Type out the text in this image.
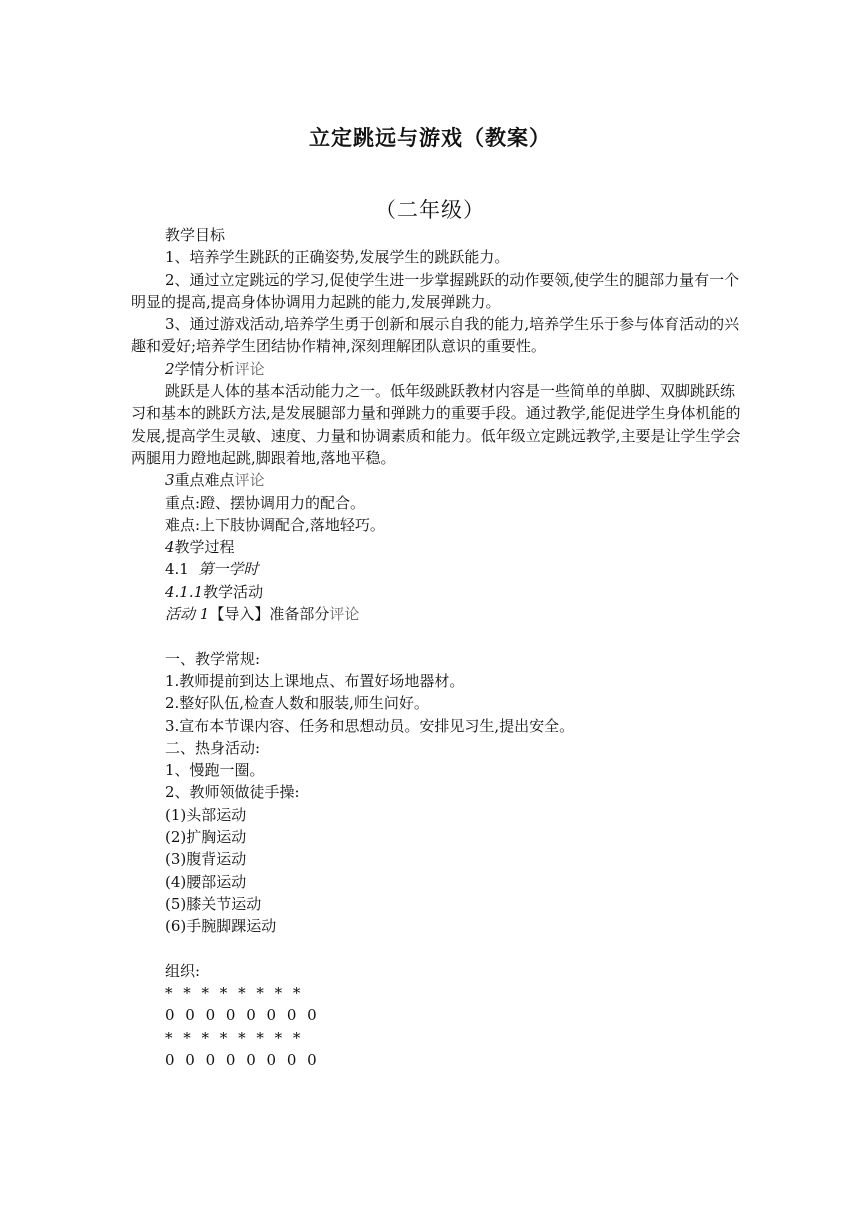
立定跳远与游戏（教案）
（二年级）

教学目标

1、培养学生跳跃的正确姿势,发展学生的跳跃能力。

2、通过立定跳远的学习,促使学生进一步掌握跳跃的动作要领,使学生的腿部力量有一个明显的提高,提高身体协调用力起跳的能力,发展弹跳力。

3、通过游戏活动,培养学生勇于创新和展示自我的能力,培养学生乐于参与体育活动的兴趣和爱好;培养学生团结协作精神,深刻理解团队意识的重要性。

2学情分析评论

跳跃是人体的基本活动能力之一。低年级跳跃教材内容是一些简单的单脚、双脚跳跃练习和基本的跳跃方法,是发展腿部力量和弹跳力的重要手段。通过教学,能促进学生身体机能的发展,提高学生灵敏、速度、力量和协调素质和能力。低年级立定跳远教学,主要是让学生学会两腿用力蹬地起跳,脚跟着地,落地平稳。

3重点难点评论

重点:蹬、摆协调用力的配合。

难点:上下肢协调配合,落地轻巧。

4教学过程

4.1 第一学时

4.1.1教学活动

活动 1【导入】准备部分评论

一、教学常规:

1.教师提前到达上课地点、布置好场地器材。

2.整好队伍,检查人数和服装,师生问好。

3.宣布本节课内容、任务和思想动员。安排见习生,提出安全。

二、热身活动:

1、慢跑一圈。

2、教师领做徒手操:

(1)头部运动

(2)扩胸运动

(3)腹背运动

(4)腰部运动

(5)膝关节运动

(6)手腕脚踝运动

组织:

* * * * * * * *

0 0 0 0 0 0 0 0

* * * * * * * *

0 0 0 0 0 0 0 0
